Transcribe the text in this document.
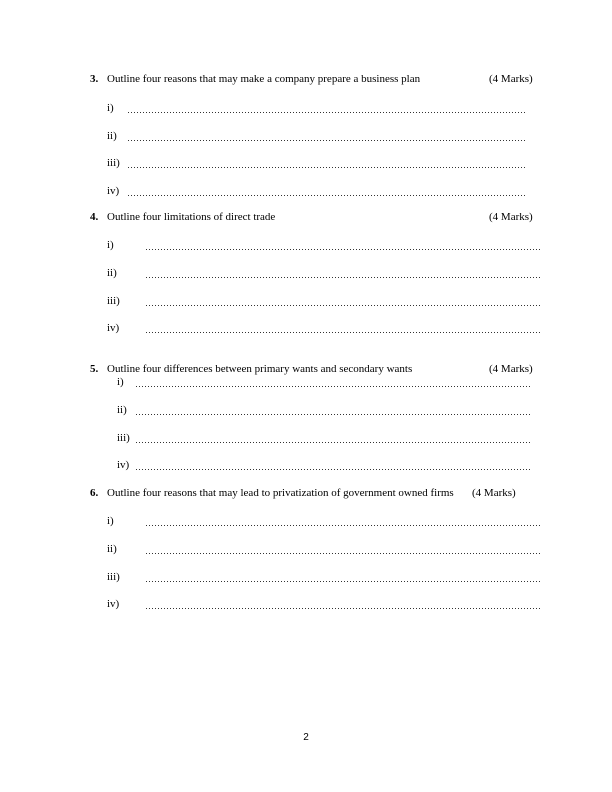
3. Outline four reasons that may make a company prepare a business plan	(4 Marks)
i)
ii)
iii)
iv)
4. Outline four limitations of direct trade	(4 Marks)
i)
ii)
iii)
iv)
5. Outline four differences between primary wants and secondary wants	(4 Marks)
i)
ii)
iii)
iv)
6. Outline four reasons that may lead to privatization of government owned firms (4 Marks)
i)
ii)
iii)
iv)
2
